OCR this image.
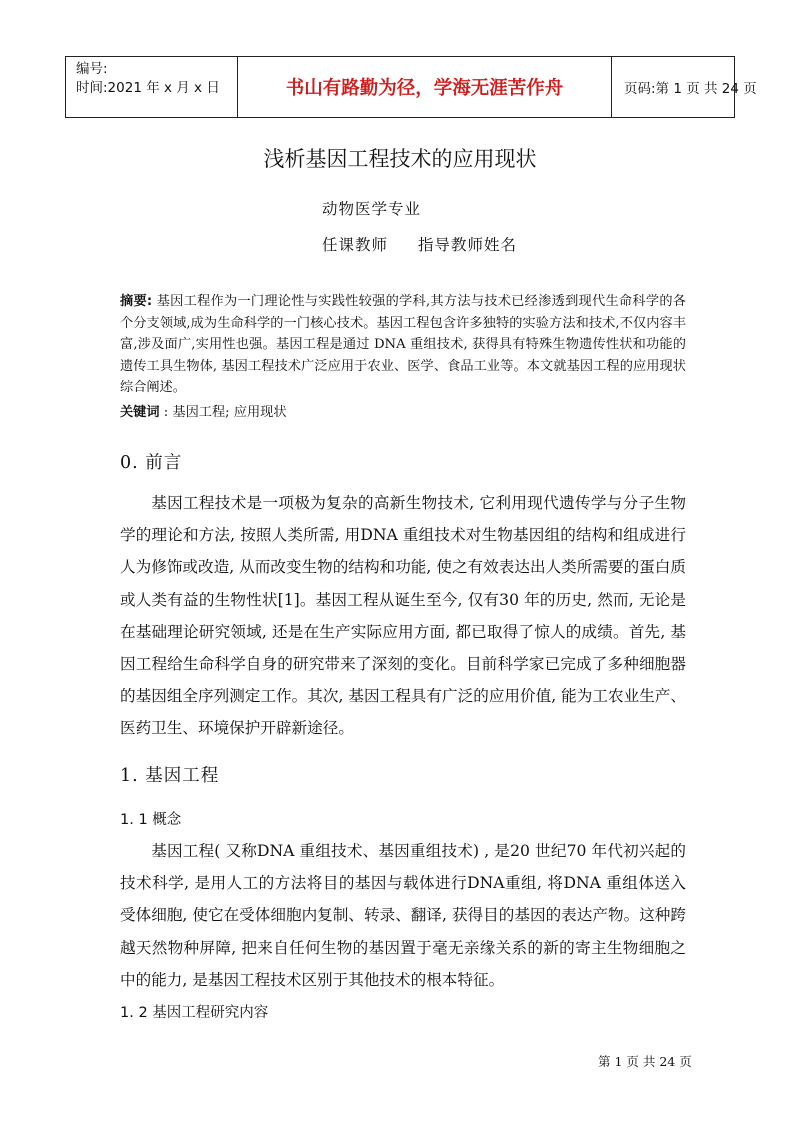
编号:
时间:2021 年 x 月 x 日	书山有路勤为径，学海无涯苦作舟	页码:第 1 页 共 24 页
浅析基因工程技术的应用现状
动物医学专业
任课教师 指导教师姓名
摘要: 基因工程作为一门理论性与实践性较强的学科,其方法与技术已经渗透到现代生命科学的各个分支领域,成为生命科学的一门核心技术。基因工程包含许多独特的实验方法和技术,不仅内容丰富,涉及面广,实用性也强。基因工程是通过 DNA 重组技术, 获得具有特殊生物遗传性状和功能的遗传工具生物体, 基因工程技术广泛应用于农业、医学、食品工业等。本文就基因工程的应用现状综合阐述。
关键词 : 基因工程; 应用现状
0. 前言

基因工程技术是一项极为复杂的高新生物技术, 它利用现代遗传学与分子生物学的理论和方法, 按照人类所需, 用DNA 重组技术对生物基因组的结构和组成进行人为修饰或改造, 从而改变生物的结构和功能, 使之有效表达出人类所需要的蛋白质或人类有益的生物性状[1]。基因工程从诞生至今, 仅有30 年的历史, 然而, 无论是在基础理论研究领域, 还是在生产实际应用方面, 都已取得了惊人的成绩。首先, 基因工程给生命科学自身的研究带来了深刻的变化。目前科学家已完成了多种细胞器的基因组全序列测定工作。其次, 基因工程具有广泛的应用价值, 能为工农业生产、医药卫生、环境保护开辟新途径。

1. 基因工程
1. 1 概念

基因工程( 又称DNA 重组技术、基因重组技术) , 是20 世纪70 年代初兴起的技术科学, 是用人工的方法将目的基因与载体进行DNA重组, 将DNA 重组体送入受体细胞, 使它在受体细胞内复制、转录、翻译, 获得目的基因的表达产物。这种跨越天然物种屏障, 把来自任何生物的基因置于毫无亲缘关系的新的寄主生物细胞之中的能力, 是基因工程技术区别于其他技术的根本特征。

1. 2 基因工程研究内容
第 1 页 共 24 页
